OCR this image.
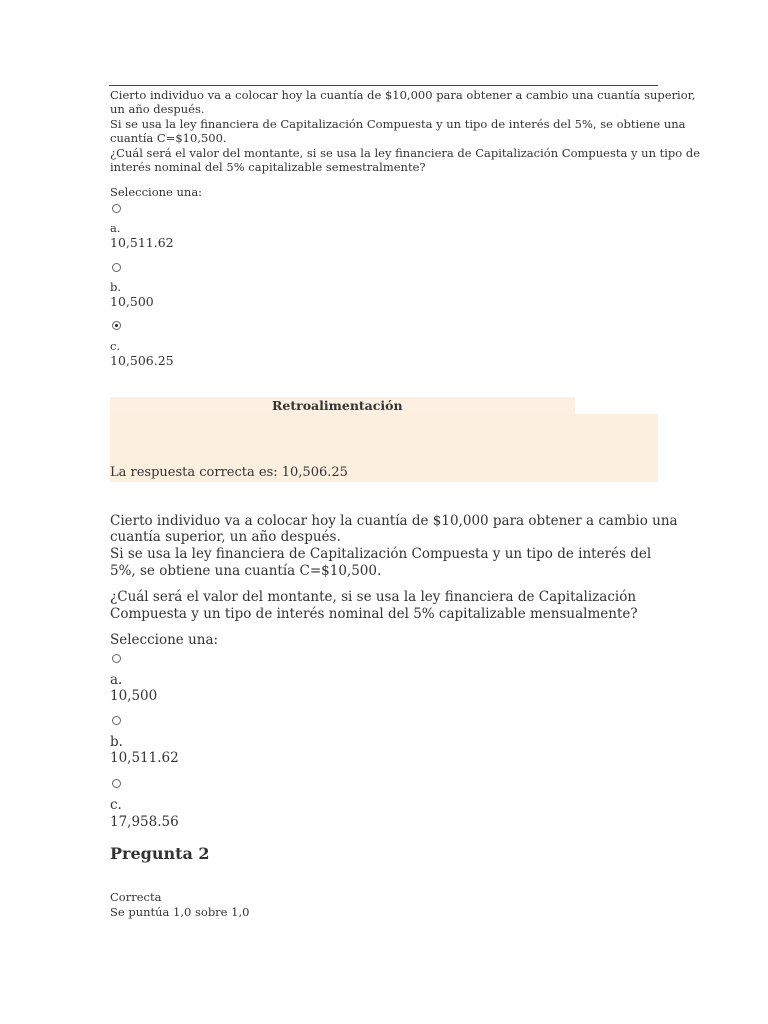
Cierto individuo va a colocar hoy la cuantía de $10,000 para obtener a cambio una cuantía superior,
un año después.
Si se usa la ley financiera de Capitalización Compuesta y un tipo de interés del 5%, se obtiene una
cuantía C=$10,500.
¿Cuál será el valor del montante, si se usa la ley financiera de Capitalización Compuesta y un tipo de
interés nominal del 5% capitalizable semestralmente?
Seleccione una:
a.
10,511.62
b.
10,500
c.
10,506.25
Retroalimentación
La respuesta correcta es: 10,506.25
Cierto individuo va a colocar hoy la cuantía de $10,000 para obtener a cambio una
cuantía superior, un año después.
Si se usa la ley financiera de Capitalización Compuesta y un tipo de interés del
5%, se obtiene una cuantía C=$10,500.
¿Cuál será el valor del montante, si se usa la ley financiera de Capitalización
Compuesta y un tipo de interés nominal del 5% capitalizable mensualmente?
Seleccione una:
a.
10,500
b.
10,511.62
c.
17,958.56
Pregunta 2
Correcta
Se puntúa 1,0 sobre 1,0
